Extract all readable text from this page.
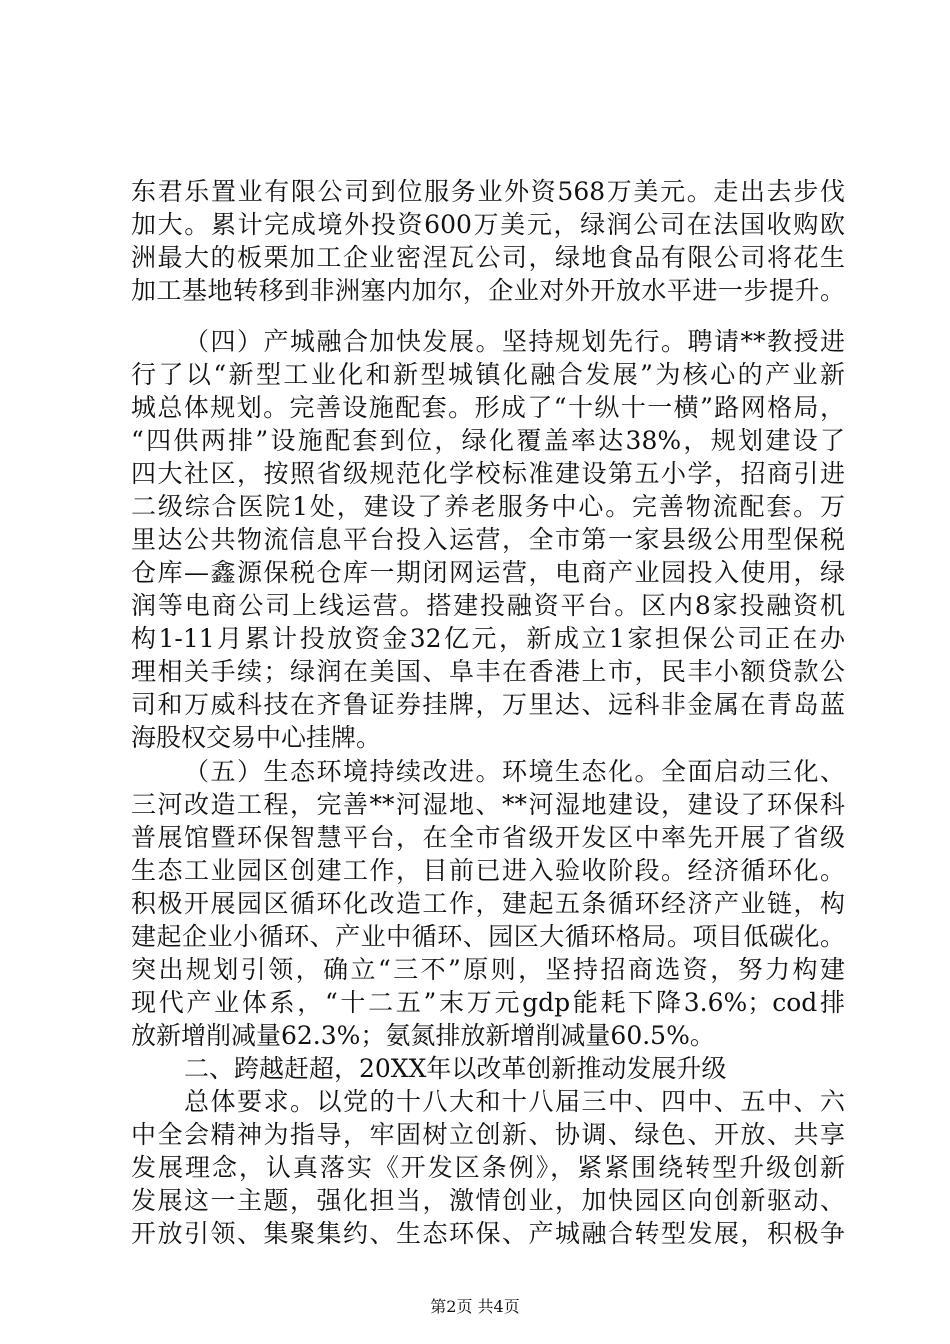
东君乐置业有限公司到位服务业外资568万美元。走出去步伐
加大。累计完成境外投资600万美元，绿润公司在法国收购欧
洲最大的板栗加工企业密涅瓦公司，绿地食品有限公司将花生
加工基地转移到非洲塞内加尔，企业对外开放水平进一步提升。
（四）产城融合加快发展。坚持规划先行。聘请**教授进
行了以“新型工业化和新型城镇化融合发展”为核心的产业新
城总体规划。完善设施配套。形成了“十纵十一横”路网格局，
“四供两排”设施配套到位，绿化覆盖率达38%，规划建设了
四大社区，按照省级规范化学校标准建设第五小学，招商引进
二级综合医院1处，建设了养老服务中心。完善物流配套。万
里达公共物流信息平台投入运营，全市第一家县级公用型保税
仓库—鑫源保税仓库一期闭网运营，电商产业园投入使用，绿
润等电商公司上线运营。搭建投融资平台。区内8家投融资机
构1-11月累计投放资金32亿元，新成立1家担保公司正在办
理相关手续；绿润在美国、阜丰在香港上市，民丰小额贷款公
司和万威科技在齐鲁证券挂牌，万里达、远科非金属在青岛蓝
海股权交易中心挂牌。
（五）生态环境持续改进。环境生态化。全面启动三化、
三河改造工程，完善**河湿地、**河湿地建设，建设了环保科
普展馆暨环保智慧平台，在全市省级开发区中率先开展了省级
生态工业园区创建工作，目前已进入验收阶段。经济循环化。
积极开展园区循环化改造工作，建起五条循环经济产业链，构
建起企业小循环、产业中循环、园区大循环格局。项目低碳化。
突出规划引领，确立“三不”原则，坚持招商选资，努力构建
现代产业体系，“十二五”末万元gdp能耗下降3.6%；cod排
放新增削减量62.3%；氨氮排放新增削减量60.5%。
二、跨越赶超，20XX年以改革创新推动发展升级
总体要求。以党的十八大和十八届三中、四中、五中、六
中全会精神为指导，牢固树立创新、协调、绿色、开放、共享
发展理念，认真落实《开发区条例》，紧紧围绕转型升级创新
发展这一主题，强化担当，激情创业，加快园区向创新驱动、
开放引领、集聚集约、生态环保、产城融合转型发展，积极争
第2页 共4页
